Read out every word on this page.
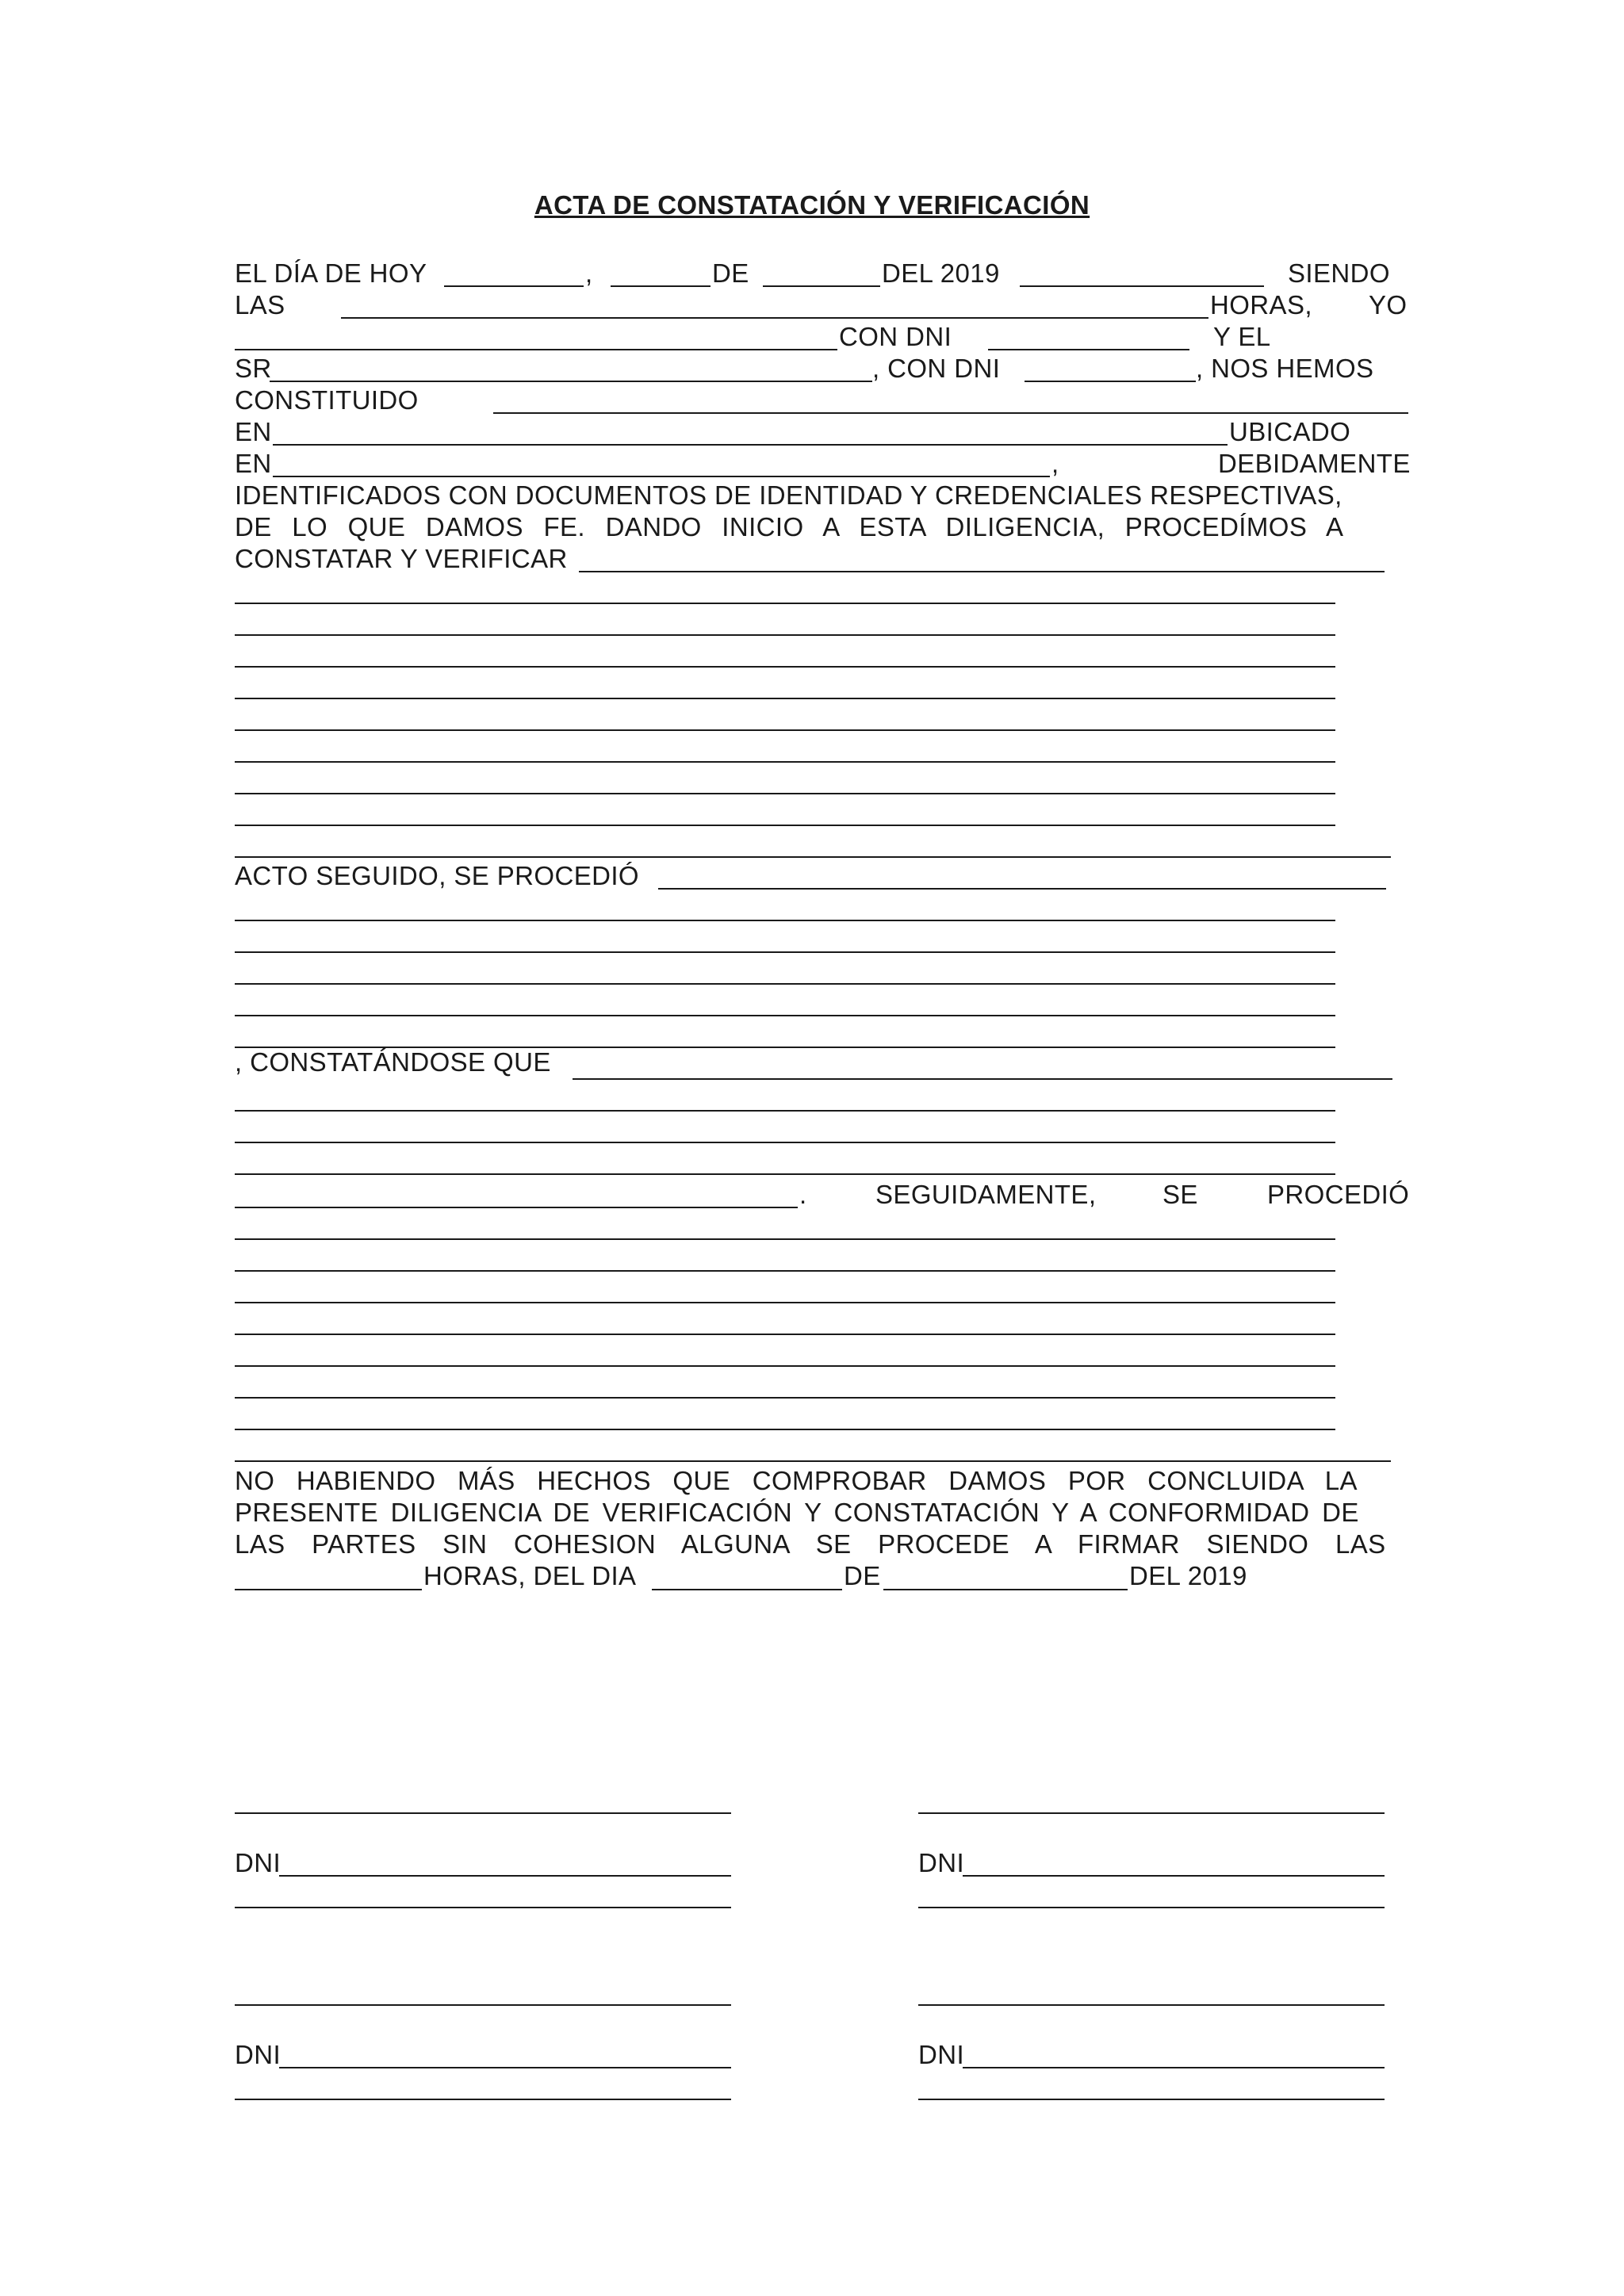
ACTA DE CONSTATACIÓN Y VERIFICACIÓN
EL DÍA DE HOY	,	DE	DEL 2019	SIENDO
LAS	HORAS, YO
CON DNI	Y EL
SR	, CON DNI	, NOS HEMOS
CONSTITUIDO
EN	UBICADO
EN	,	DEBIDAMENTE
IDENTIFICADOS CON DOCUMENTOS DE IDENTIDAD Y CREDENCIALES RESPECTIVAS,
DE LO QUE DAMOS FE. DANDO INICIO A ESTA DILIGENCIA, PROCEDÍMOS A
CONSTATAR Y VERIFICAR
ACTO SEGUIDO, SE PROCEDIÓ
, CONSTATÁNDOSE QUE
.	SEGUIDAMENTE,	SE	PROCEDIÓ
NO HABIENDO MÁS HECHOS QUE COMPROBAR DAMOS POR CONCLUIDA LA
PRESENTE DILIGENCIA DE VERIFICACIÓN Y CONSTATACIÓN Y A CONFORMIDAD DE
LAS PARTES SIN COHESION ALGUNA SE PROCEDE A FIRMAR SIENDO LAS
HORAS, DEL DIA	DE	DEL 2019
DNI	DNI
DNI	DNI
